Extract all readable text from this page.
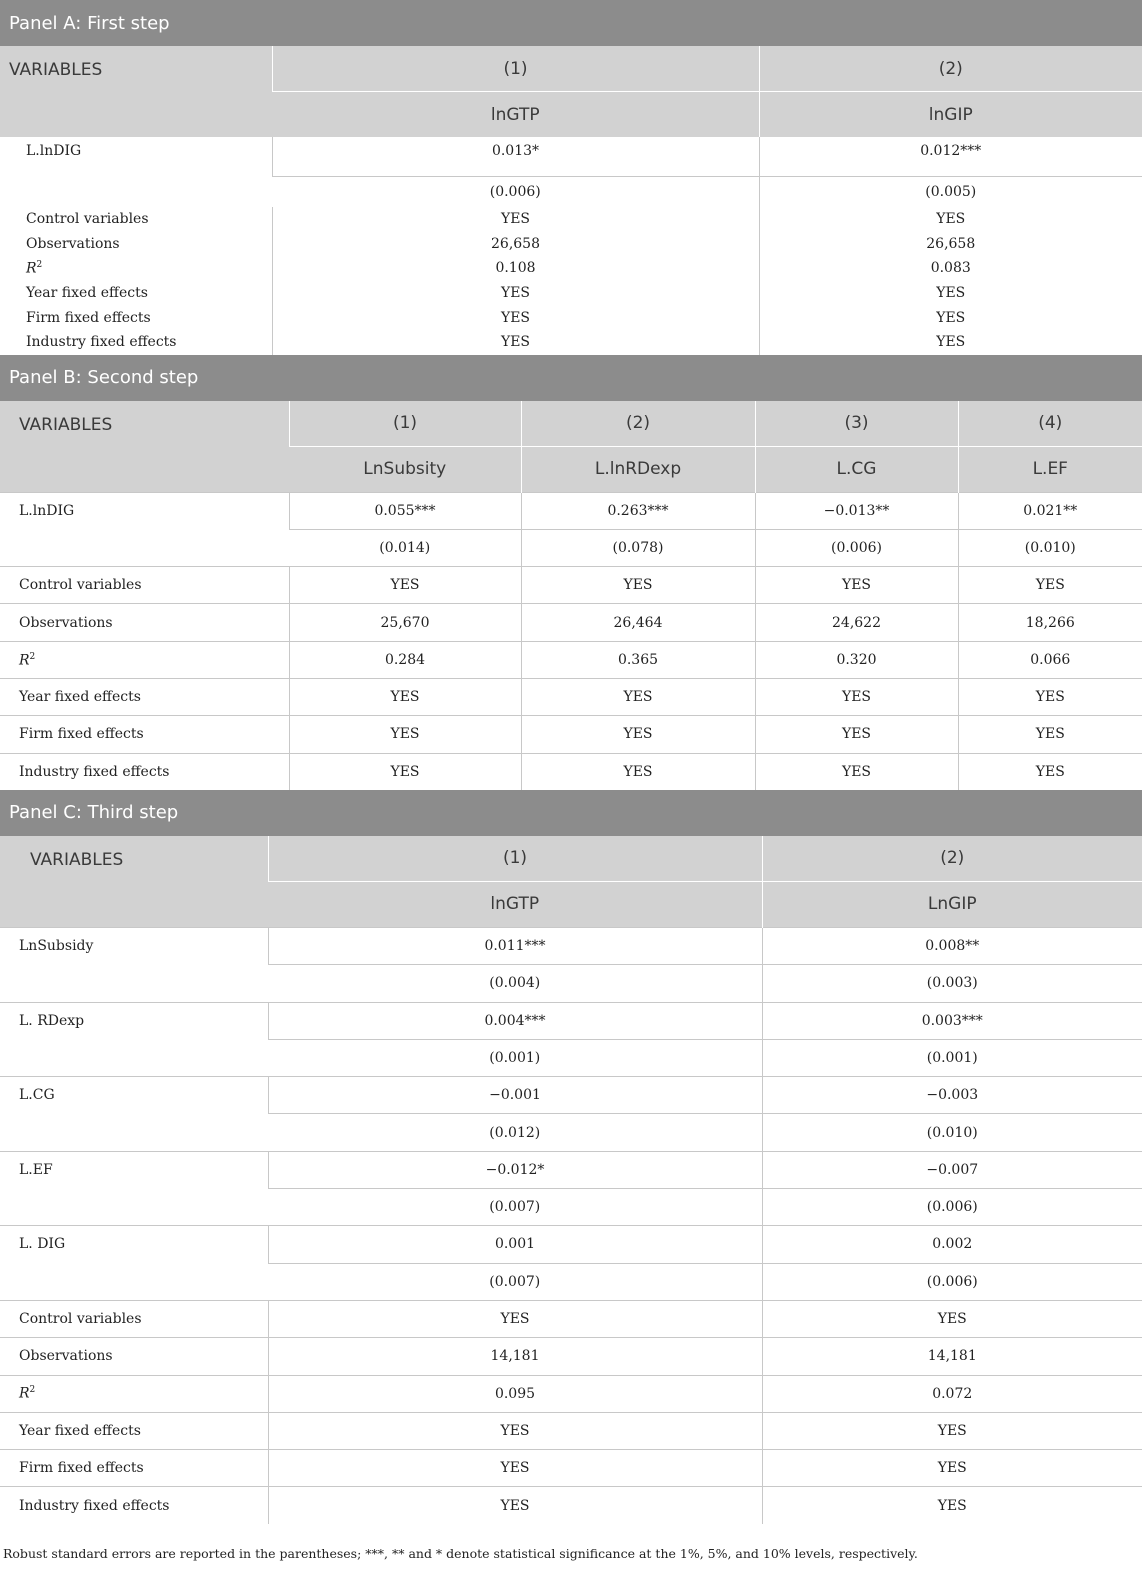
Panel A: First step		
VARIABLES	(1)	(2)
	lnGTP	lnGIP
L.lnDIG	0.013*	0.012***
	(0.006)	(0.005)
Control variables	YES	YES
Observations	26,658	26,658
$R^2$	0.108	0.083
Year fixed effects	YES	YES
Firm fixed effects	YES	YES
Industry fixed effects	YES	YES
Panel B: Second step				
VARIABLES	(1)	(2)	(3)	(4)
	LnSubsity	L.lnRDexp	L.CG	L.EF
L.lnDIG	0.055***	0.263***	−0.013**	0.021**
	(0.014)	(0.078)	(0.006)	(0.010)
Control variables	YES	YES	YES	YES
Observations	25,670	26,464	24,622	18,266
$R^2$	0.284	0.365	0.320	0.066
Year fixed effects	YES	YES	YES	YES
Firm fixed effects	YES	YES	YES	YES
Industry fixed effects	YES	YES	YES	YES
Panel C: Third step		
VARIABLES	(1)	(2)
	lnGTP	LnGIP
LnSubsidy	0.011***	0.008**
	(0.004)	(0.003)
L. RDexp	0.004***	0.003***
	(0.001)	(0.001)
L.CG	−0.001	−0.003
	(0.012)	(0.010)
L.EF	−0.012*	−0.007
	(0.007)	(0.006)
L. DIG	0.001	0.002
	(0.007)	(0.006)
Control variables	YES	YES
Observations	14,181	14,181
$R^2$	0.095	0.072
Year fixed effects	YES	YES
Firm fixed effects	YES	YES
Industry fixed effects	YES	YES
Robust standard errors are reported in the parentheses; ***, ** and * denote statistical significance at the 1%, 5%, and 10% levels, respectively.
